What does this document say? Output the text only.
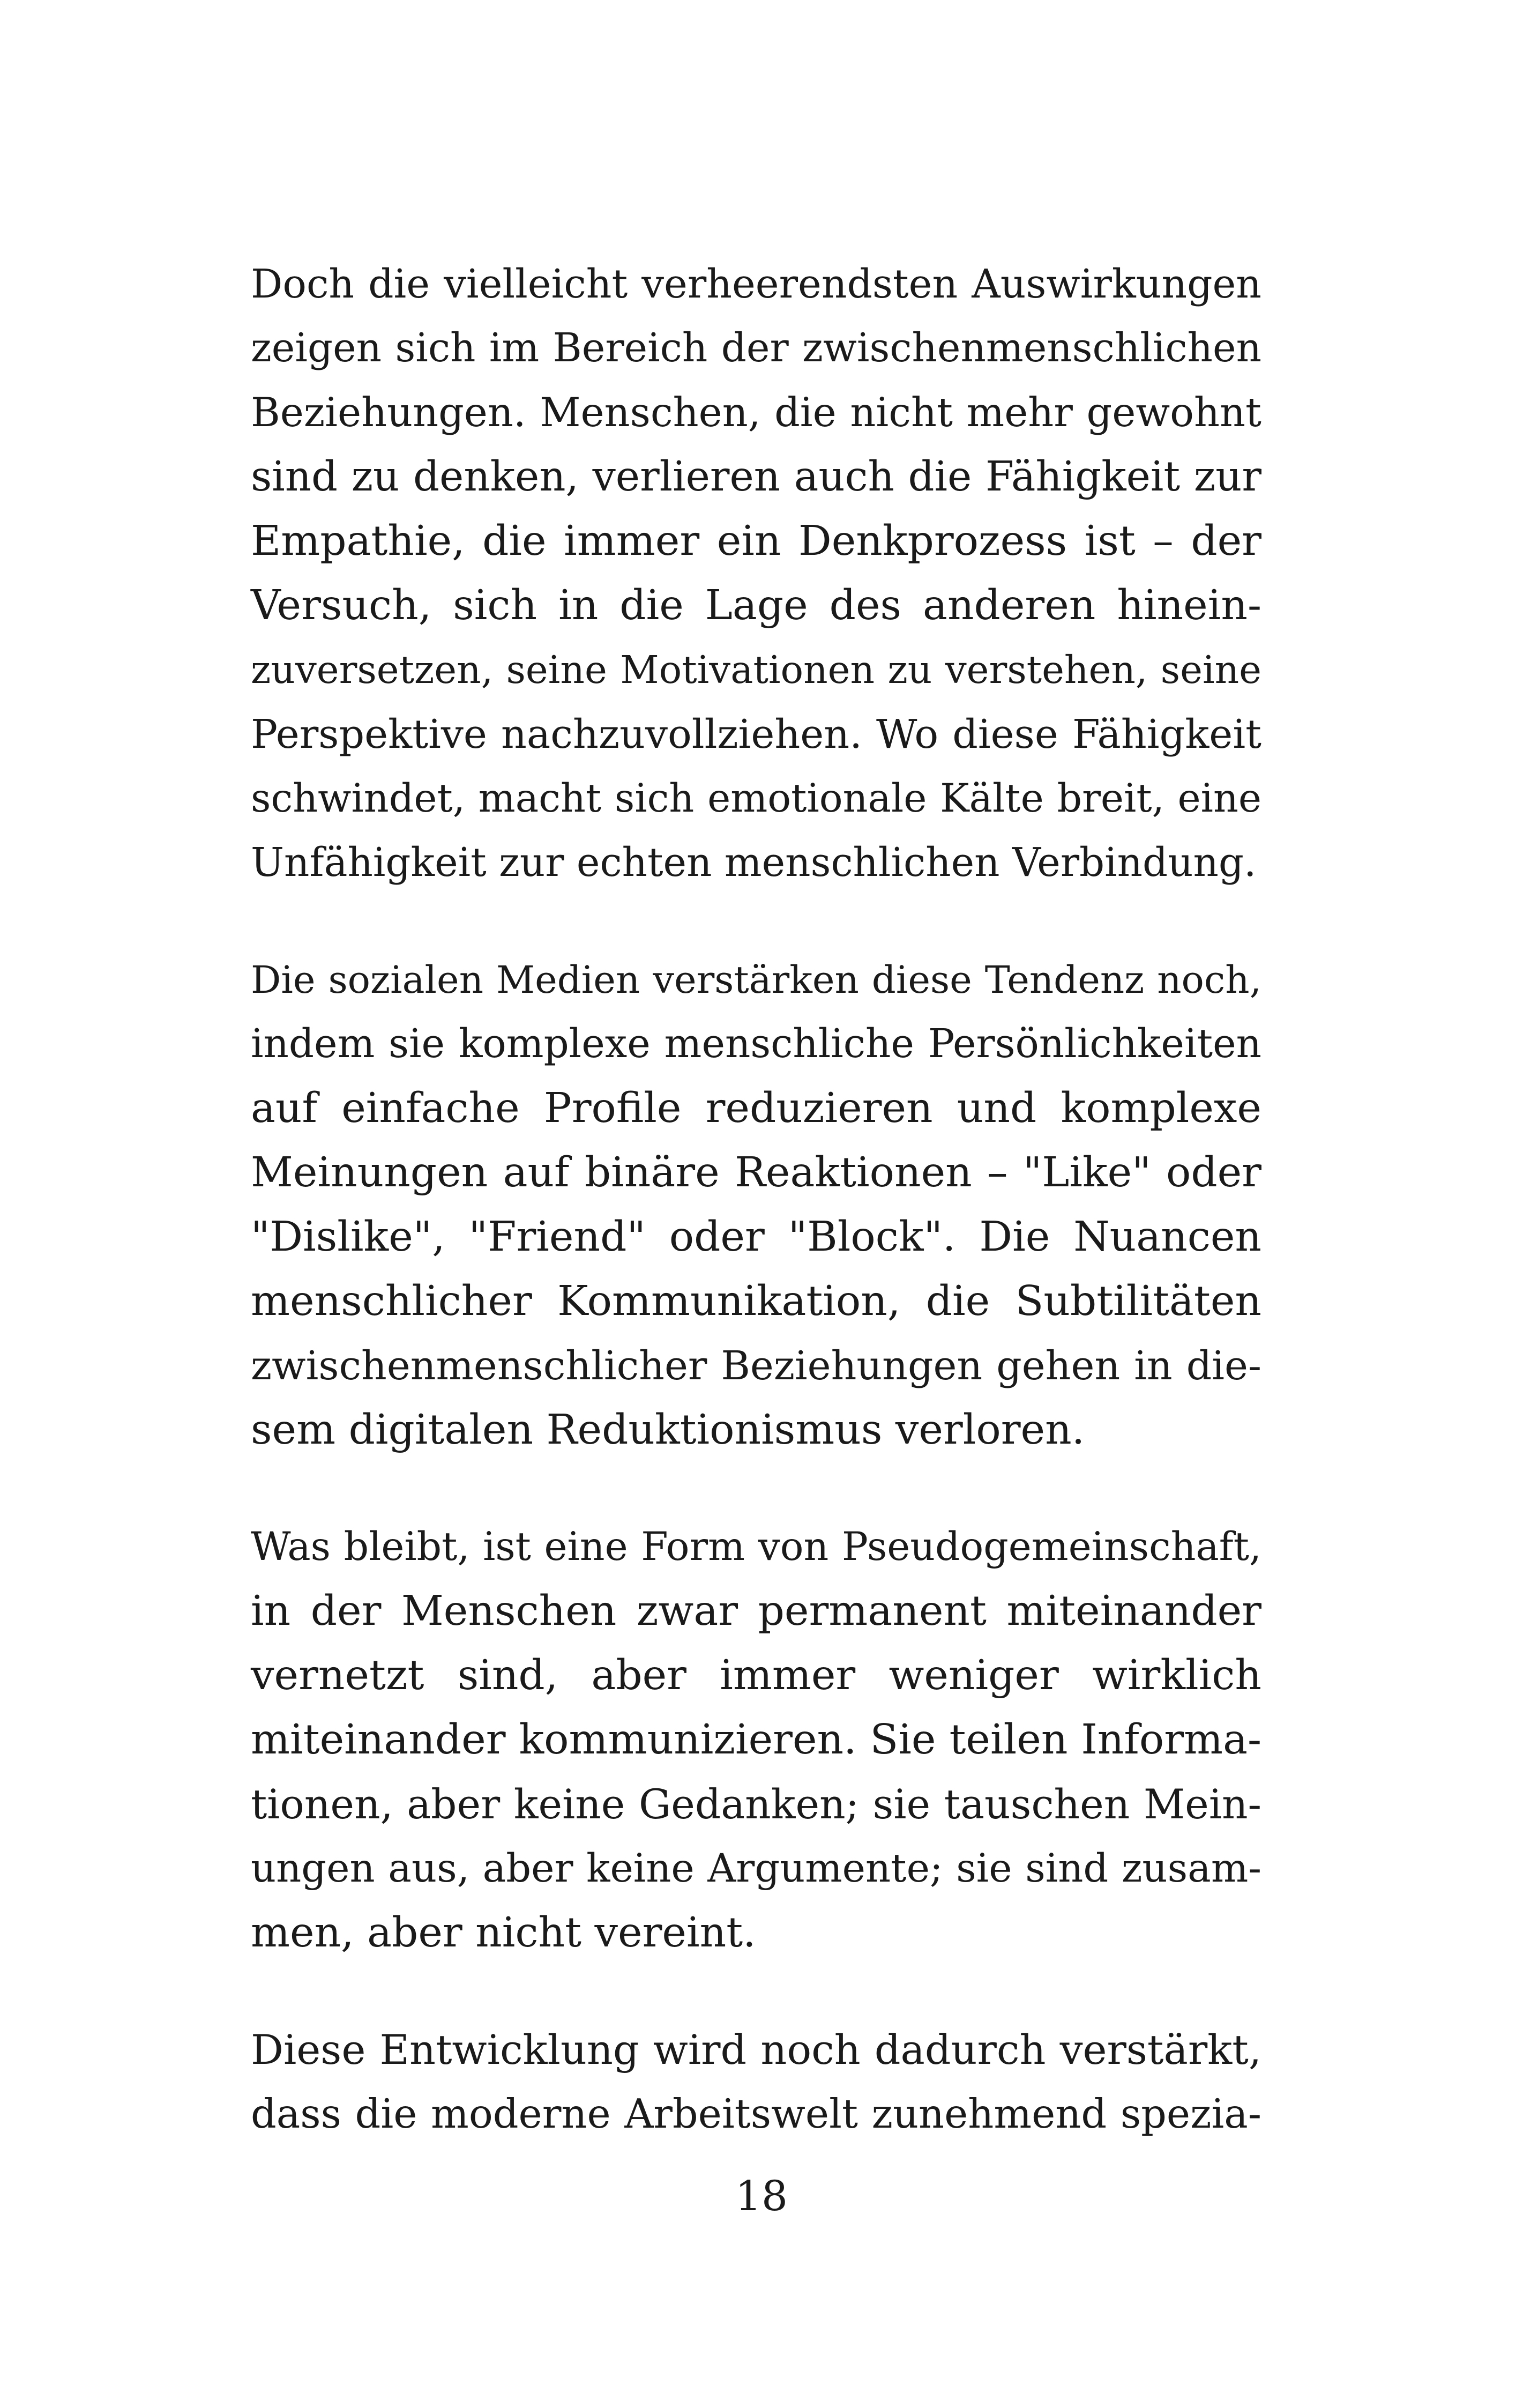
Doch die vielleicht verheerendsten Auswirkungen
zeigen sich im Bereich der zwischenmenschlichen
Beziehungen. Menschen, die nicht mehr gewohnt
sind zu denken, verlieren auch die Fähigkeit zur
Empathie, die immer ein Denkprozess ist – der
Versuch, sich in die Lage des anderen hinein-
zuversetzen, seine Motivationen zu verstehen, seine
Perspektive nachzuvollziehen. Wo diese Fähigkeit
schwindet, macht sich emotionale Kälte breit, eine
Unfähigkeit zur echten menschlichen Verbindung.

Die sozialen Medien verstärken diese Tendenz noch,
indem sie komplexe menschliche Persönlichkeiten
auf einfache Profile reduzieren und komplexe
Meinungen auf binäre Reaktionen – "Like" oder
"Dislike", "Friend" oder "Block". Die Nuancen
menschlicher Kommunikation, die Subtilitäten
zwischenmenschlicher Beziehungen gehen in die-
sem digitalen Reduktionismus verloren.

Was bleibt, ist eine Form von Pseudogemeinschaft,
in der Menschen zwar permanent miteinander
vernetzt sind, aber immer weniger wirklich
miteinander kommunizieren. Sie teilen Informa-
tionen, aber keine Gedanken; sie tauschen Mein-
ungen aus, aber keine Argumente; sie sind zusam-
men, aber nicht vereint.

Diese Entwicklung wird noch dadurch verstärkt,
dass die moderne Arbeitswelt zunehmend spezia-

18
